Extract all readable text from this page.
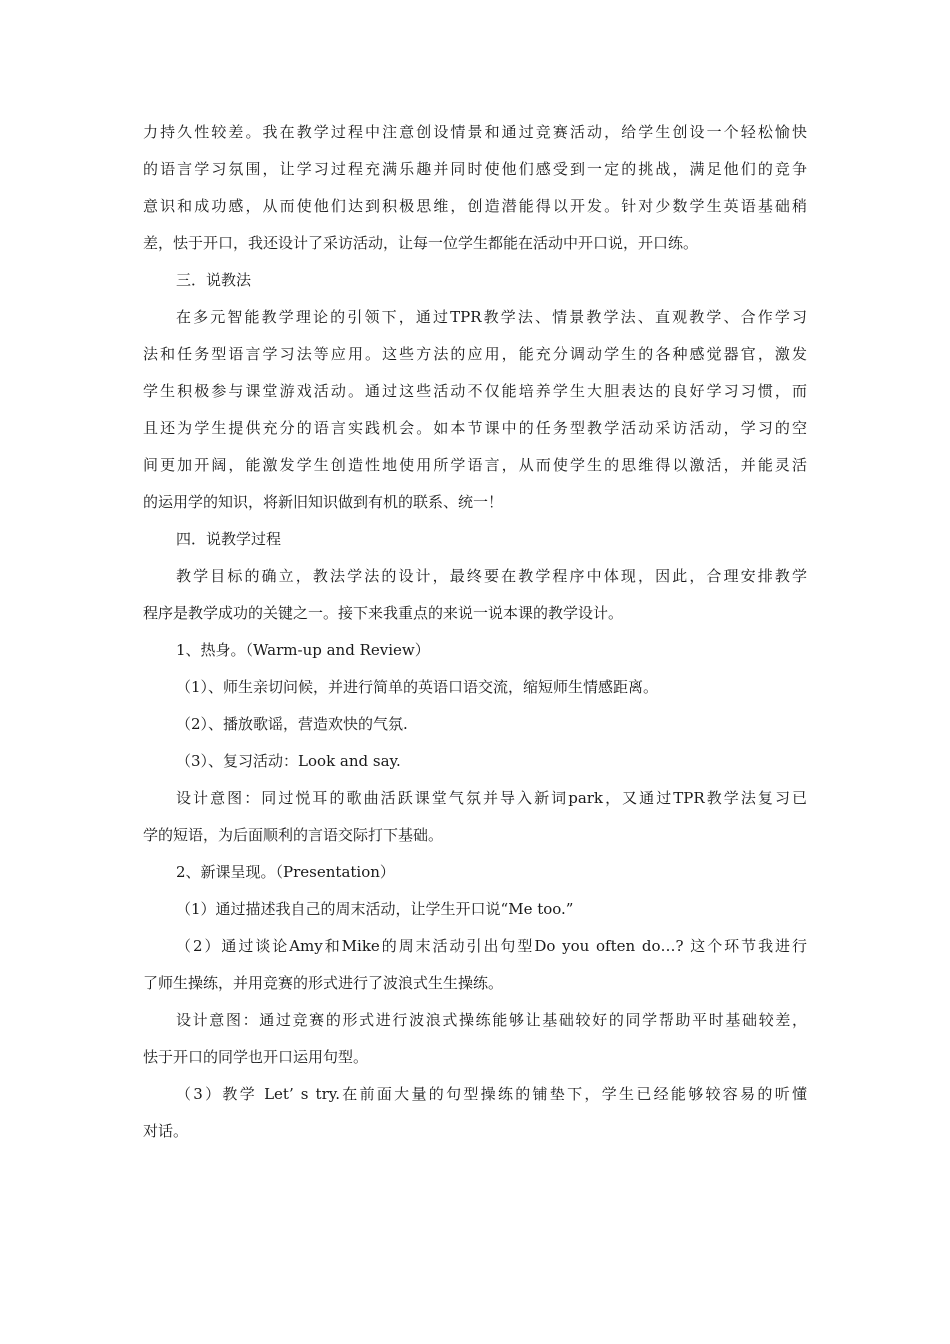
力持久性较差。我在教学过程中注意创设情景和通过竞赛活动，给学生创设一个轻松愉快
的语言学习氛围，让学习过程充满乐趣并同时使他们感受到一定的挑战，满足他们的竞争
意识和成功感，从而使他们达到积极思维，创造潜能得以开发。针对少数学生英语基础稍
差，怯于开口，我还设计了采访活动，让每一位学生都能在活动中开口说，开口练。
三．说教法
在多元智能教学理论的引领下，通过TPR教学法、情景教学法、直观教学、合作学习
法和任务型语言学习法等应用。这些方法的应用，能充分调动学生的各种感觉器官，激发
学生积极参与课堂游戏活动。通过这些活动不仅能培养学生大胆表达的良好学习习惯，而
且还为学生提供充分的语言实践机会。如本节课中的任务型教学活动采访活动，学习的空
间更加开阔，能激发学生创造性地使用所学语言，从而使学生的思维得以激活，并能灵活
的运用学的知识，将新旧知识做到有机的联系、统一！
四．说教学过程
教学目标的确立，教法学法的设计，最终要在教学程序中体现，因此，合理安排教学
程序是教学成功的关键之一。接下来我重点的来说一说本课的教学设计。
1、热身。（Warm-up and Review）
（1）、师生亲切问候，并进行简单的英语口语交流，缩短师生情感距离。
（2）、播放歌谣，营造欢快的气氛.
（3）、复习活动：Look and say.
设计意图：同过悦耳的歌曲活跃课堂气氛并导入新词park，又通过TPR教学法复习已
学的短语，为后面顺利的言语交际打下基础。
2、新课呈现。（Presentation）
（1）通过描述我自己的周末活动，让学生开口说“Me too.”
（2）通过谈论Amy和Mike的周末活动引出句型Do you often do…? 这个环节我进行
了师生操练，并用竞赛的形式进行了波浪式生生操练。
设计意图：通过竞赛的形式进行波浪式操练能够让基础较好的同学帮助平时基础较差，
怯于开口的同学也开口运用句型。
（3）教学 Let’ s try.在前面大量的句型操练的铺垫下，学生已经能够较容易的听懂
对话。
